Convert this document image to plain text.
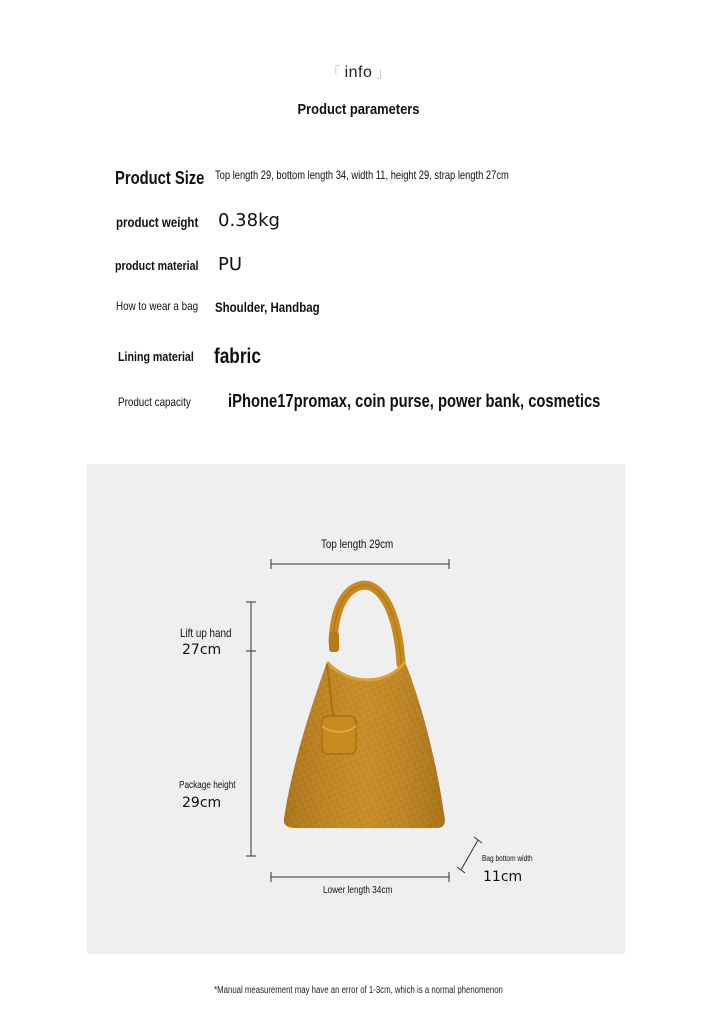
「 info 」
Product parameters
Product Size Top length 29, bottom length 34, width 11, height 29, strap length 27cm
product weight 0.38kg
product material PU
How to wear a bag Shoulder, Handbag
Lining material fabric
Product capacity iPhone17promax, coin purse, power bank, cosmetics
Top length 29cm
Lift up hand
27cm
Package height
29cm
Bag bottom width
11cm
Lower length 34cm
*Manual measurement may have an error of 1-3cm, which is a normal phenomenon
